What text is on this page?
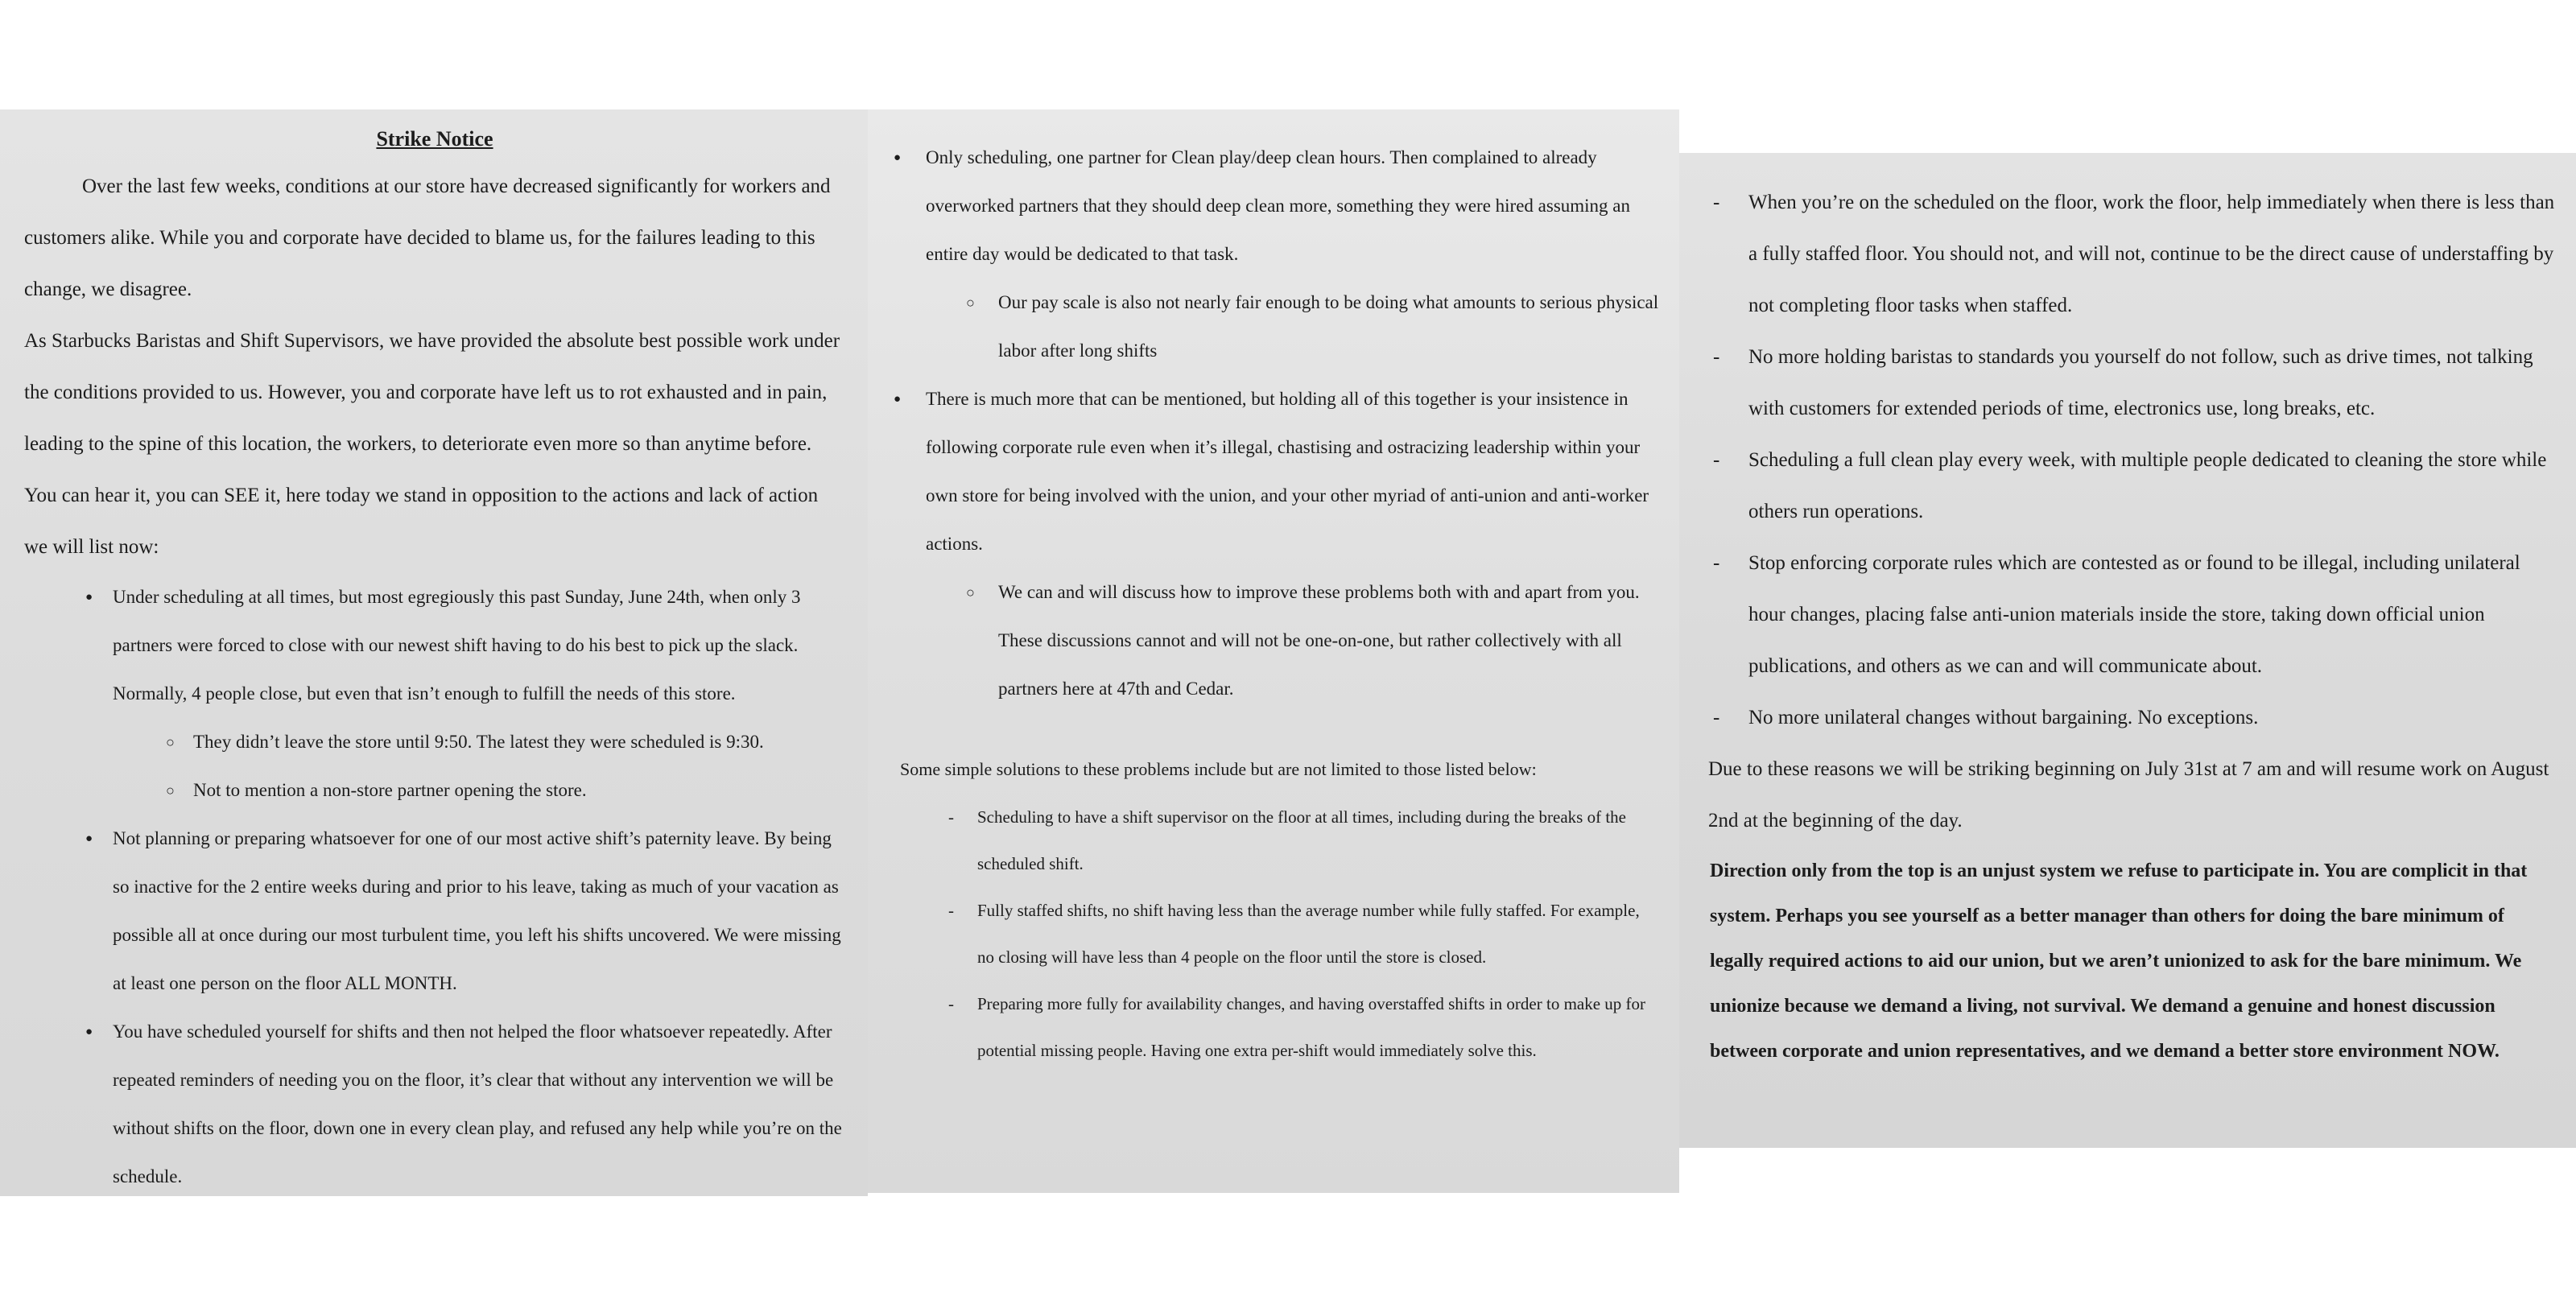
Strike Notice

Over the last few weeks, conditions at our store have decreased significantly for workers and customers alike. While you and corporate have decided to blame us, for the failures leading to this change, we disagree.

As Starbucks Baristas and Shift Supervisors, we have provided the absolute best possible work under the conditions provided to us. However, you and corporate have left us to rot exhausted and in pain, leading to the spine of this location, the workers, to deteriorate even more so than anytime before. You can hear it, you can SEE it, here today we stand in opposition to the actions and lack of action we will list now:

● Under scheduling at all times, but most egregiously this past Sunday, June 24th, when only 3 partners were forced to close with our newest shift having to do his best to pick up the slack. Normally, 4 people close, but even that isn’t enough to fulfill the needs of this store.
○ They didn’t leave the store until 9:50. The latest they were scheduled is 9:30.
○ Not to mention a non-store partner opening the store.
● Not planning or preparing whatsoever for one of our most active shift’s paternity leave. By being so inactive for the 2 entire weeks during and prior to his leave, taking as much of your vacation as possible all at once during our most turbulent time, you left his shifts uncovered. We were missing at least one person on the floor ALL MONTH.
● You have scheduled yourself for shifts and then not helped the floor whatsoever repeatedly. After repeated reminders of needing you on the floor, it’s clear that without any intervention we will be without shifts on the floor, down one in every clean play, and refused any help while you’re on the schedule.
● Only scheduling, one partner for Clean play/deep clean hours. Then complained to already overworked partners that they should deep clean more, something they were hired assuming an entire day would be dedicated to that task.
○ Our pay scale is also not nearly fair enough to be doing what amounts to serious physical labor after long shifts
● There is much more that can be mentioned, but holding all of this together is your insistence in following corporate rule even when it’s illegal, chastising and ostracizing leadership within your own store for being involved with the union, and your other myriad of anti-union and anti-worker actions.
○ We can and will discuss how to improve these problems both with and apart from you. These discussions cannot and will not be one-on-one, but rather collectively with all partners here at 47th and Cedar.

Some simple solutions to these problems include but are not limited to those listed below:

- Scheduling to have a shift supervisor on the floor at all times, including during the breaks of the scheduled shift.
- Fully staffed shifts, no shift having less than the average number while fully staffed. For example, no closing will have less than 4 people on the floor until the store is closed.
- Preparing more fully for availability changes, and having overstaffed shifts in order to make up for potential missing people. Having one extra per-shift would immediately solve this.
- When you’re on the scheduled on the floor, work the floor, help immediately when there is less than a fully staffed floor. You should not, and will not, continue to be the direct cause of understaffing by not completing floor tasks when staffed.
- No more holding baristas to standards you yourself do not follow, such as drive times, not talking with customers for extended periods of time, electronics use, long breaks, etc.
- Scheduling a full clean play every week, with multiple people dedicated to cleaning the store while others run operations.
- Stop enforcing corporate rules which are contested as or found to be illegal, including unilateral hour changes, placing false anti-union materials inside the store, taking down official union publications, and others as we can and will communicate about.
- No more unilateral changes without bargaining. No exceptions.

Due to these reasons we will be striking beginning on July 31st at 7 am and will resume work on August 2nd at the beginning of the day.

Direction only from the top is an unjust system we refuse to participate in. You are complicit in that system. Perhaps you see yourself as a better manager than others for doing the bare minimum of legally required actions to aid our union, but we aren’t unionized to ask for the bare minimum. We unionize because we demand a living, not survival. We demand a genuine and honest discussion between corporate and union representatives, and we demand a better store environment NOW.
